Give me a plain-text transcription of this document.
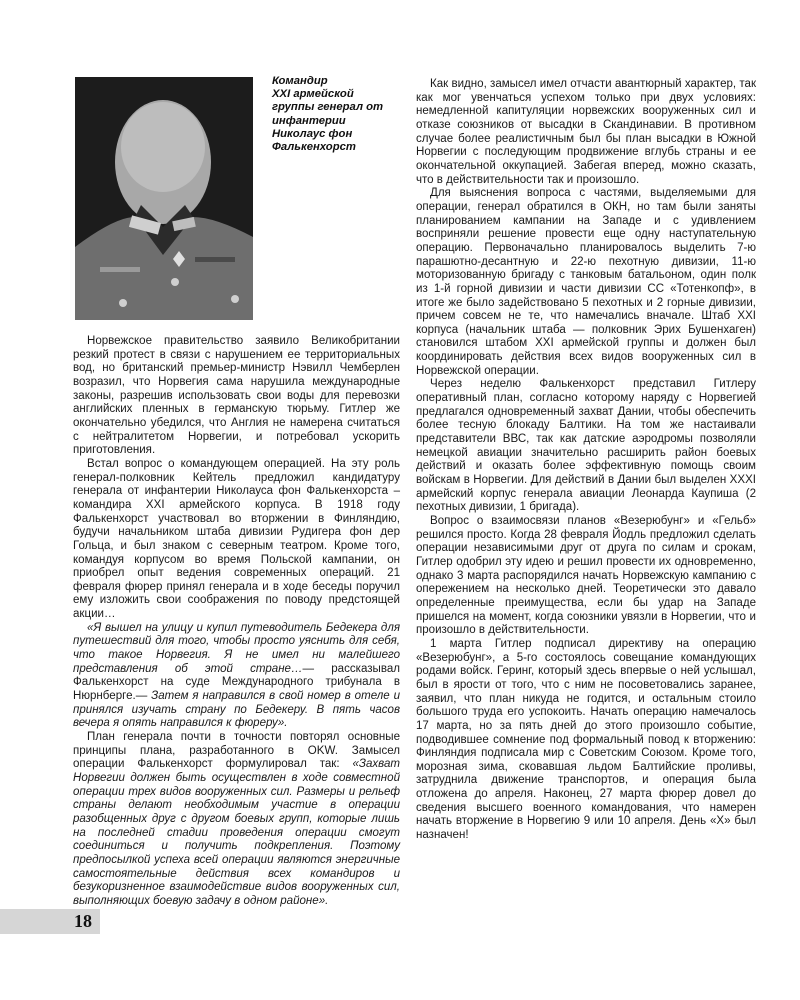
Командир
XXI армейской
группы генерал от
инфантерии
Николаус фон
Фалькенхорст

Норвежское правительство заявило Великобритании резкий протест в связи с нарушением ее территориальных вод, но британский премьер-министр Нэвилл Чемберлен возразил, что Норвегия сама нарушила международные законы, разрешив использовать свои воды для перевозки английских пленных в германскую тюрьму. Гитлер же окончательно убедился, что Англия не намерена считаться с нейтралитетом Норвегии, и потребовал ускорить приготовления.

Встал вопрос о командующем операцией. На эту роль генерал-полковник Кейтель предложил кандидатуру генерала от инфантерии Николауса фон Фалькенхорста – командира XXI армейского корпуса. В 1918 году Фалькенхорст участвовал во вторжении в Финляндию, будучи начальником штаба дивизии Рудигера фон дер Гольца, и был знаком с северным театром. Кроме того, командуя корпусом во время Польской кампании, он приобрел опыт ведения современных операций. 21 февраля фюрер принял генерала и в ходе беседы поручил ему изложить свои соображения по поводу предстоящей акции…

«Я вышел на улицу и купил путеводитель Бедекера для путешествий для того, чтобы просто уяснить для себя, что такое Норвегия. Я не имел ни малейшего представления об этой стране…— рассказывал Фалькенхорст на суде Международного трибунала в Нюрнберге.— Затем я направился в свой номер в отеле и принялся изучать страну по Бедекеру. В пять часов вечера я опять направился к фюреру».

План генерала почти в точности повторял основные принципы плана, разработанного в OKW. Замысел операции Фалькенхорст формулировал так: «Захват Норвегии должен быть осуществлен в ходе совместной операции трех видов вооруженных сил. Размеры и рельеф страны делают необходимым участие в операции разобщенных друг с другом боевых групп, которые лишь на последней стадии проведения операции смогут соединиться и получить подкрепления. Поэтому предпосылкой успеха всей операции являются энергичные самостоятельные действия всех командиров и безукоризненное взаимодействие видов вооруженных сил, выполняющих боевую задачу в одном районе».

Как видно, замысел имел отчасти авантюрный характер, так как мог увенчаться успехом только при двух условиях: немедленной капитуляции норвежских вооруженных сил и отказе союзников от высадки в Скандинавии. В противном случае более реалистичным был бы план высадки в Южной Норвегии с последующим продвижение вглубь страны и ее окончательной оккупацией. Забегая вперед, можно сказать, что в действительности так и произошло.

Для выяснения вопроса с частями, выделяемыми для операции, генерал обратился в ОКН, но там были заняты планированием кампании на Западе и с удивлением восприняли решение провести еще одну наступательную операцию. Первоначально планировалось выделить 7-ю парашютно-десантную и 22-ю пехотную дивизии, 11-ю моторизованную бригаду с танковым батальоном, один полк из 1-й горной дивизии и части дивизии СС «Тотенкопф», в итоге же было задействовано 5 пехотных и 2 горные дивизии, причем совсем не те, что намечались вначале. Штаб XXI корпуса (начальник штаба — полковник Эрих Бушенхаген) становился штабом XXI армейской группы и должен был координировать действия всех видов вооруженных сил в Норвежской операции.

Через неделю Фалькенхорст представил Гитлеру оперативный план, согласно которому наряду с Норвегией предлагался одновременный захват Дании, чтобы обеспечить более тесную блокаду Балтики. На том же настаивали представители ВВС, так как датские аэродромы позволяли немецкой авиации значительно расширить район боевых действий и оказать более эффективную помощь своим войскам в Норвегии. Для действий в Дании был выделен XXXI армейский корпус генерала авиации Леонарда Каупиша (2 пехотных дивизии, 1 бригада).

Вопрос о взаимосвязи планов «Везерюбунг» и «Гельб» решился просто. Когда 28 февраля Йодль предложил сделать операции независимыми друг от друга по силам и срокам, Гитлер одобрил эту идею и решил провести их одновременно, однако 3 марта распорядился начать Норвежскую кампанию с опережением на несколько дней. Теоретически это давало определенные преимущества, если бы удар на Западе пришелся на момент, когда союзники увязли в Норвегии, что и произошло в действительности.

1 марта Гитлер подписал директиву на операцию «Везерюбунг», а 5-го состоялось совещание командующих родами войск. Геринг, который здесь впервые о ней услышал, был в ярости от того, что с ним не посоветовались заранее, заявил, что план никуда не годится, и остальным стоило большого труда его успокоить. Начать операцию намечалось 17 марта, но за пять дней до этого произошло событие, подводившее сомнение под формальный повод к вторжению: Финляндия подписала мир с Советским Союзом. Кроме того, морозная зима, сковавшая льдом Балтийские проливы, затруднила движение транспортов, и операция была отложена до апреля. Наконец, 27 марта фюрер довел до сведения высшего военного командования, что намерен начать вторжение в Норвегию 9 или 10 апреля. День «Х» был назначен!

18
